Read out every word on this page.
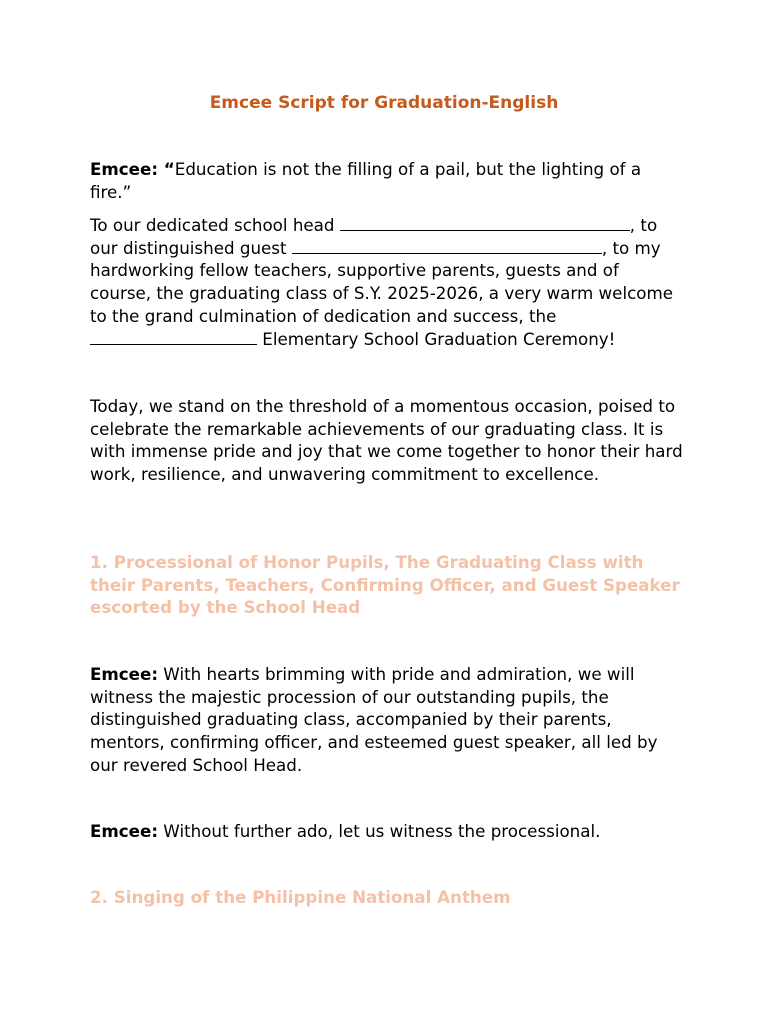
Emcee Script for Graduation-English

Emcee: “Education is not the filling of a pail, but the lighting of a fire.”

To our dedicated school head	, to our distinguished guest	, to my hardworking fellow teachers, supportive parents, guests and of course, the graduating class of S.Y. 2025-2026, a very warm welcome to the grand culmination of dedication and success, the  Elementary School Graduation Ceremony!

Today, we stand on the threshold of a momentous occasion, poised to celebrate the remarkable achievements of our graduating class. It is with immense pride and joy that we come together to honor their hard work, resilience, and unwavering commitment to excellence.

1. Processional of Honor Pupils, The Graduating Class with their Parents, Teachers, Confirming Officer, and Guest Speaker escorted by the School Head

Emcee: With hearts brimming with pride and admiration, we will witness the majestic procession of our outstanding pupils, the distinguished graduating class, accompanied by their parents, mentors, confirming officer, and esteemed guest speaker, all led by our revered School Head.

Emcee: Without further ado, let us witness the processional.

2. Singing of the Philippine National Anthem
